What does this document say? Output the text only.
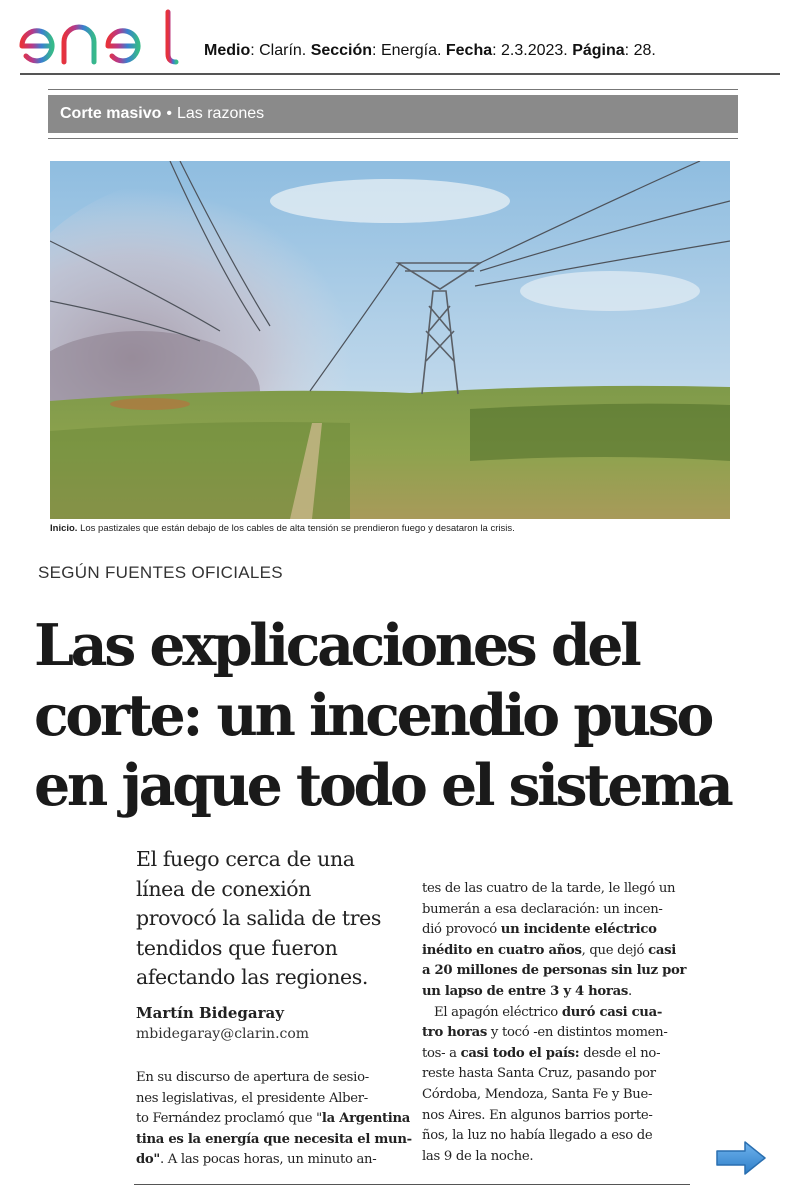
Medio: Clarín. Sección: Energía. Fecha: 2.3.2023. Página: 28.
Corte masivo • Las razones
Inicio. Los pastizales que están debajo de los cables de alta tensión se prendieron fuego y desataron la crisis.
SEGÚN FUENTES OFICIALES
Las explicaciones del
corte: un incendio puso
en jaque todo el sistema
El fuego cerca de una
línea de conexión
provocó la salida de tres
tendidos que fueron
afectando las regiones.
Martín Bidegaray
mbidegaray@clarin.com
En su discurso de apertura de sesio-
nes legislativas, el presidente Alber-
to Fernández proclamó que "la Argentina
tina es la energía que necesita el mun-
do". A las pocas horas, un minuto an-
tes de las cuatro de la tarde, le llegó un
bumerán a esa declaración: un incen-
dió provocó un incidente eléctrico
inédito en cuatro años, que dejó casi
a 20 millones de personas sin luz por
un lapso de entre 3 y 4 horas.
El apagón eléctrico duró casi cua-
tro horas y tocó -en distintos momen-
tos- a casi todo el país: desde el no-
reste hasta Santa Cruz, pasando por
Córdoba, Mendoza, Santa Fe y Bue-
nos Aires. En algunos barrios porte-
ños, la luz no había llegado a eso de
las 9 de la noche.
